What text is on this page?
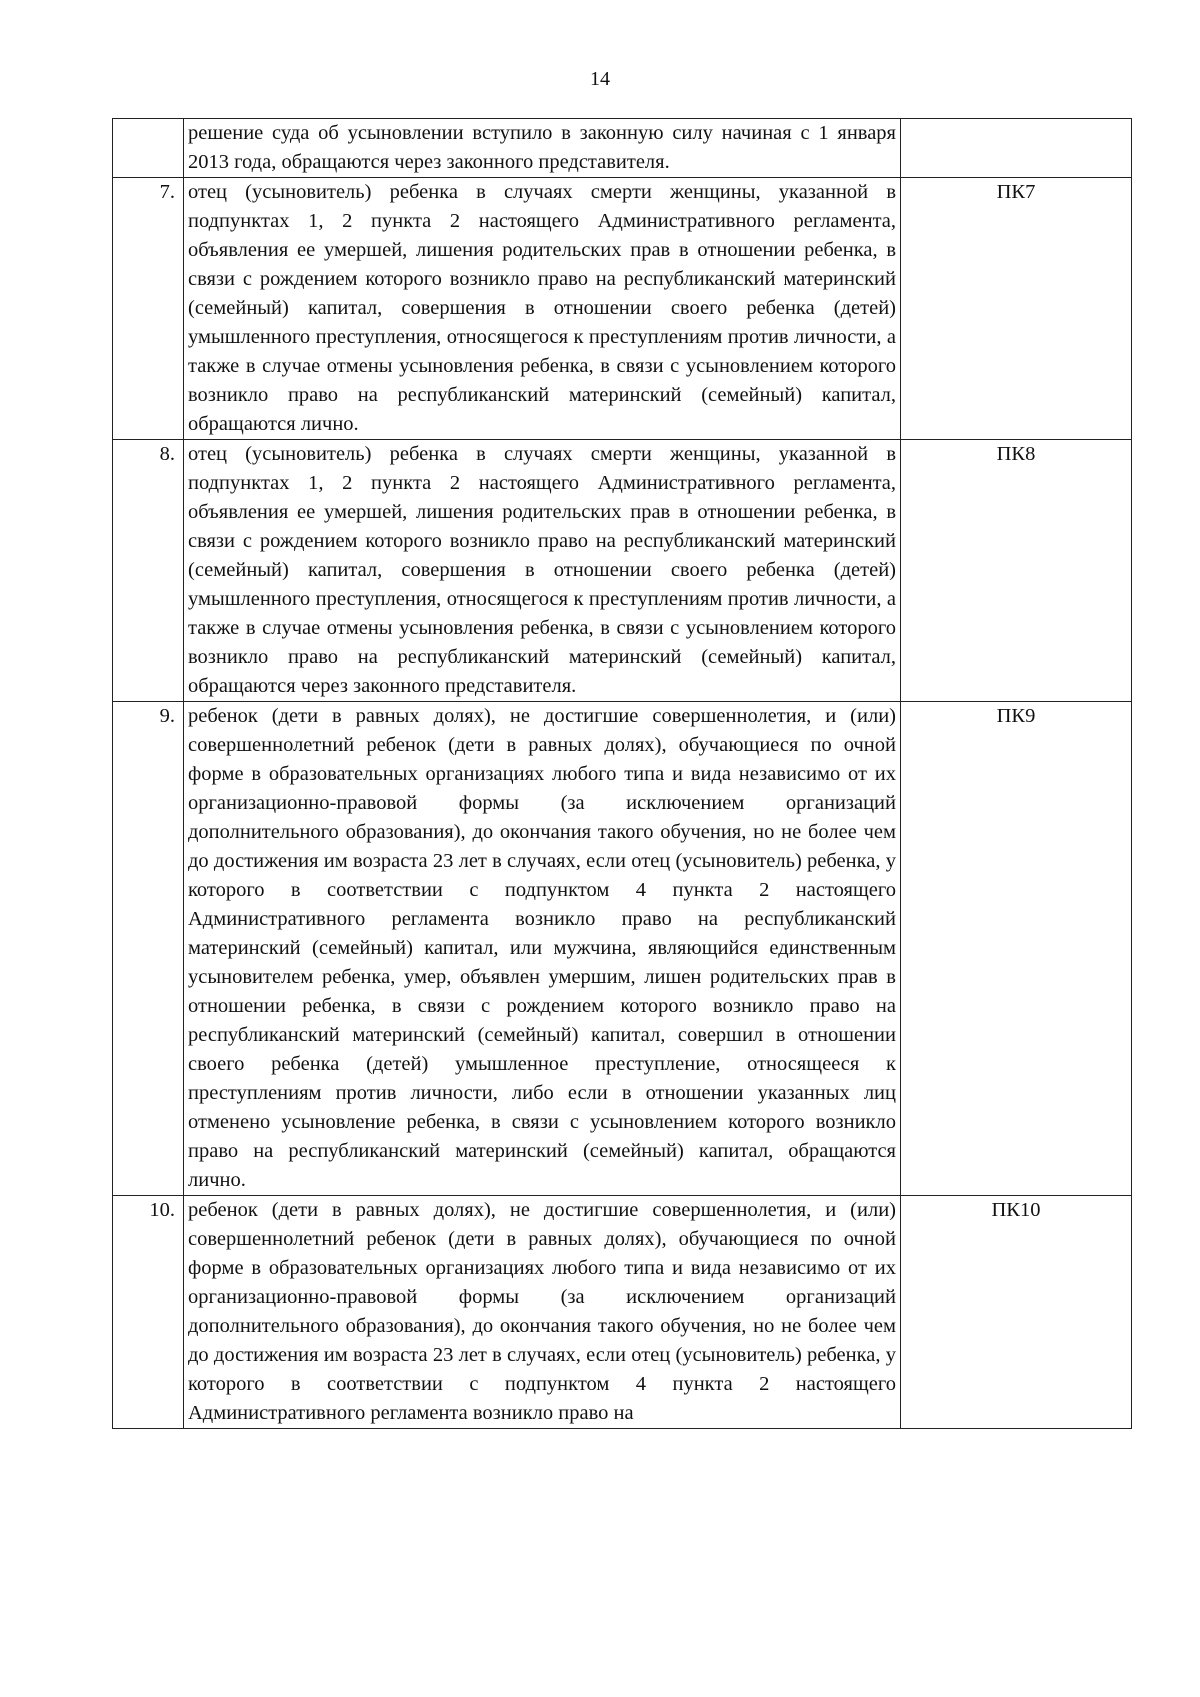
14
	решение суда об усыновлении вступило в законную силу начиная с 1 января 2013 года, обращаются через законного представителя.	
7.	отец (усыновитель) ребенка в случаях смерти женщины, указанной в подпунктах 1, 2 пункта 2 настоящего Административного регламента, объявления ее умершей, лишения родительских прав в отношении ребенка, в связи с рождением которого возникло право на республиканский материнский (семейный) капитал, совершения в отношении своего ребенка (детей) умышленного преступления, относящегося к преступлениям против личности, а также в случае отмены усыновления ребенка, в связи с усыновлением которого возникло право на республиканский материнский (семейный) капитал, обращаются лично.	ПК7
8.	отец (усыновитель) ребенка в случаях смерти женщины, указанной в подпунктах 1, 2 пункта 2 настоящего Административного регламента, объявления ее умершей, лишения родительских прав в отношении ребенка, в связи с рождением которого возникло право на республиканский материнский (семейный) капитал, совершения в отношении своего ребенка (детей) умышленного преступления, относящегося к преступлениям против личности, а также в случае отмены усыновления ребенка, в связи с усыновлением которого возникло право на республиканский материнский (семейный) капитал, обращаются через законного представителя.	ПК8
9.	ребенок (дети в равных долях), не достигшие совершеннолетия, и (или) совершеннолетний ребенок (дети в равных долях), обучающиеся по очной форме в образовательных организациях любого типа и вида независимо от их организационно-правовой формы (за исключением организаций дополнительного образования), до окончания такого обучения, но не более чем до достижения им возраста 23 лет в случаях, если отец (усыновитель) ребенка, у которого в соответствии с подпунктом 4 пункта 2 настоящего Административного регламента возникло право на республиканский материнский (семейный) капитал, или мужчина, являющийся единственным усыновителем ребенка, умер, объявлен умершим, лишен родительских прав в отношении ребенка, в связи с рождением которого возникло право на республиканский материнский (семейный) капитал, совершил в отношении своего ребенка (детей) умышленное преступление, относящееся к преступлениям против личности, либо если в отношении указанных лиц отменено усыновление ребенка, в связи с усыновлением которого возникло право на республиканский материнский (семейный) капитал, обращаются лично.	ПК9
10.	ребенок (дети в равных долях), не достигшие совершеннолетия, и (или) совершеннолетний ребенок (дети в равных долях), обучающиеся по очной форме в образовательных организациях любого типа и вида независимо от их организационно-правовой формы (за исключением организаций дополнительного образования), до окончания такого обучения, но не более чем до достижения им возраста 23 лет в случаях, если отец (усыновитель) ребенка, у которого в соответствии с подпунктом 4 пункта 2 настоящего Административного регламента возникло право на	ПК10
